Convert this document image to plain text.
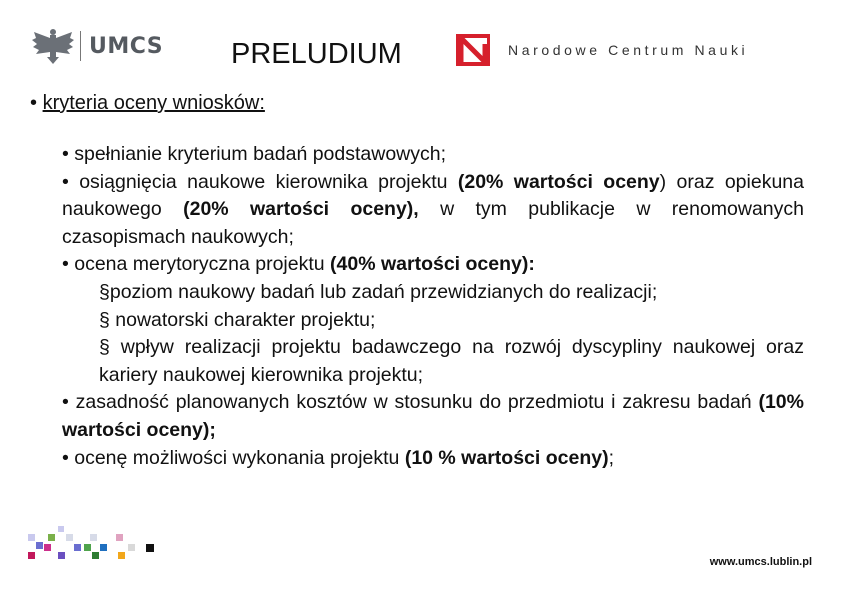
UMCS PRELUDIUM	Narodowe Centrum Nauki
• kryteria oceny wniosków:

• spełnianie kryterium badań podstawowych;

• osiągnięcia naukowe kierownika projektu (20% wartości oceny) oraz opiekuna naukowego (20% wartości oceny), w tym publikacje w renomowanych czasopismach naukowych;

• ocena merytoryczna projektu (40% wartości oceny):

§poziom naukowy badań lub zadań przewidzianych do realizacji;

§ nowatorski charakter projektu;

§ wpływ realizacji projektu badawczego na rozwój dyscypliny naukowej oraz kariery naukowej kierownika projektu;

• zasadność planowanych kosztów w stosunku do przedmiotu i zakresu badań (10% wartości oceny);

• ocenę możliwości wykonania projektu (10 % wartości oceny);

www.umcs.lublin.pl
